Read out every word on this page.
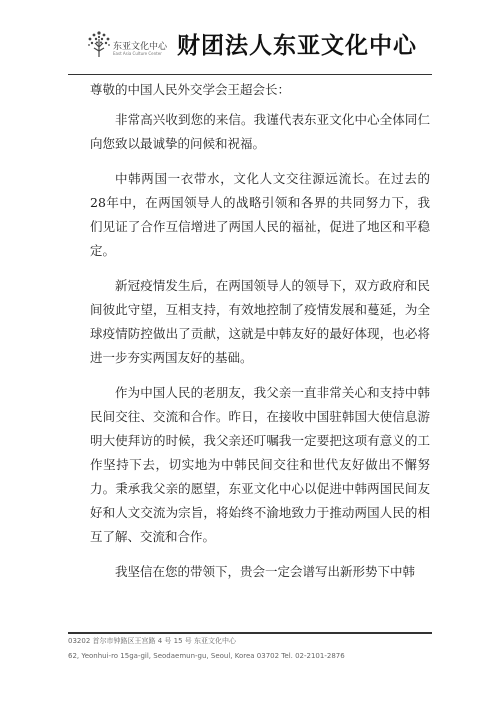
东亚文化中心
East Asia Culture Center 财团法人东亚文化中心

尊敬的中国人民外交学会王超会长：

非常高兴收到您的来信。我谨代表东亚文化中心全体同仁向您致以最诚挚的问候和祝福。

中韩两国一衣带水，文化人文交往源远流长。在过去的28年中，在两国领导人的战略引领和各界的共同努力下，我们见证了合作互信增进了两国人民的福祉，促进了地区和平稳定。

新冠疫情发生后，在两国领导人的领导下，双方政府和民间彼此守望，互相支持，有效地控制了疫情发展和蔓延，为全球疫情防控做出了贡献，这就是中韩友好的最好体现，也必将进一步夯实两国友好的基础。

作为中国人民的老朋友，我父亲一直非常关心和支持中韩民间交往、交流和合作。昨日，在接收中国驻韩国大使信息游明大使拜访的时候，我父亲还叮嘱我一定要把这项有意义的工作坚持下去，切实地为中韩民间交往和世代友好做出不懈努力。秉承我父亲的愿望，东亚文化中心以促进中韩两国民间友好和人文交流为宗旨，将始终不渝地致力于推动两国人民的相互了解、交流和合作。

我坚信在您的带领下，贵会一定会谱写出新形势下中韩

03202 首尔市钟路区王宫路 4 号 15 号 东亚文化中心
62, Yeonhui-ro 15ga-gil, Seodaemun-gu, Seoul, Korea 03702 Tel. 02-2101-2876
